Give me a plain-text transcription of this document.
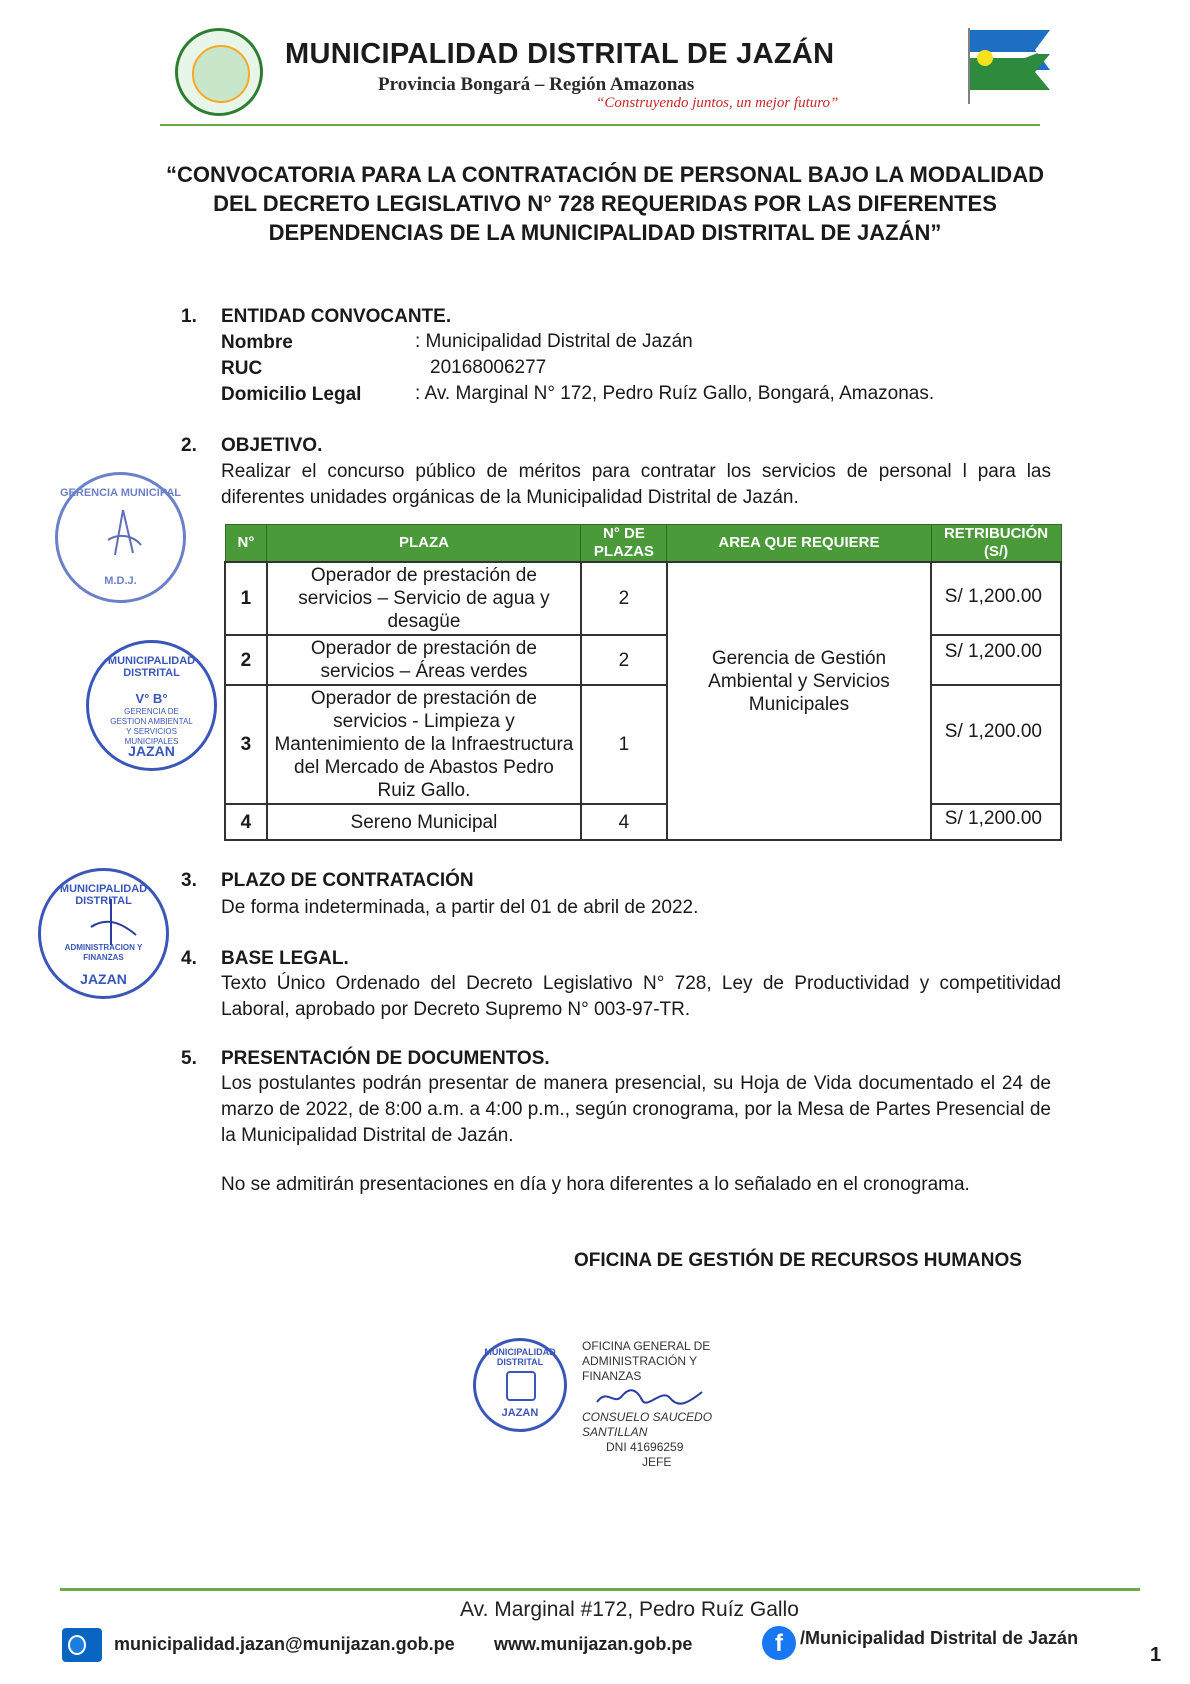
MUNICIPALIDAD DISTRITAL DE JAZÁN
Provincia Bongará – Región Amazonas
“Construyendo juntos, un mejor futuro”
“CONVOCATORIA PARA LA CONTRATACIÓN DE PERSONAL BAJO LA MODALIDAD DEL DECRETO LEGISLATIVO N° 728 REQUERIDAS POR LAS DIFERENTES DEPENDENCIAS DE LA MUNICIPALIDAD DISTRITAL DE JAZÁN”
1. ENTIDAD CONVOCANTE.
Nombre	: Municipalidad Distrital de Jazán
RUC	20168006277
Domicilio Legal	: Av. Marginal N° 172, Pedro Ruíz Gallo, Bongará, Amazonas.
2. OBJETIVO.
Realizar el concurso público de méritos para contratar los servicios de personal l para las diferentes unidades orgánicas de la Municipalidad Distrital de Jazán.
N°	PLAZA	N° DE PLAZAS	AREA QUE REQUIERE	RETRIBUCIÓN (S/)
1	Operador de prestación de servicios – Servicio de agua y desagüe	2	Gerencia de Gestión Ambiental y Servicios Municipales	S/ 1,200.00
2	Operador de prestación de servicios – Áreas verdes	2		S/ 1,200.00
3	Operador de prestación de servicios - Limpieza y Mantenimiento de la Infraestructura del Mercado de Abastos Pedro Ruiz Gallo.	1		S/ 1,200.00
4	Sereno Municipal	4		S/ 1,200.00
3. PLAZO DE CONTRATACIÓN
De forma indeterminada, a partir del 01 de abril de 2022.
4. BASE LEGAL.
Texto Único Ordenado del Decreto Legislativo N° 728, Ley de Productividad y competitividad Laboral, aprobado por Decreto Supremo N° 003-97-TR.
5. PRESENTACIÓN DE DOCUMENTOS.
Los postulantes podrán presentar de manera presencial, su Hoja de Vida documentado el 24 de marzo de 2022, de 8:00 a.m. a 4:00 p.m., según cronograma, por la Mesa de Partes Presencial de la Municipalidad Distrital de Jazán.
No se admitirán presentaciones en día y hora diferentes a lo señalado en el cronograma.
OFICINA DE GESTIÓN DE RECURSOS HUMANOS
MUNICIPALIDAD DISTRITAL
JAZAN
OFICINA GENERAL DE
ADMINISTRACIÓN Y FINANZAS
CONSUELO SAUCEDO SANTILLAN
DNI 41696259
JEFE
GERENCIA MUNICIPAL
M.D.J.
MUNICIPALIDAD DISTRITAL
V° B°
GERENCIA DE GESTION AMBIENTAL Y SERVICIOS MUNICIPALES
JAZAN
MUNICIPALIDAD DISTRITAL
ADMINISTRACION Y FINANZAS
JAZAN
Av. Marginal #172, Pedro Ruíz Gallo
municipalidad.jazan@munijazan.gob.pe www.munijazan.gob.pe	f /Municipalidad Distrital de Jazán
1
